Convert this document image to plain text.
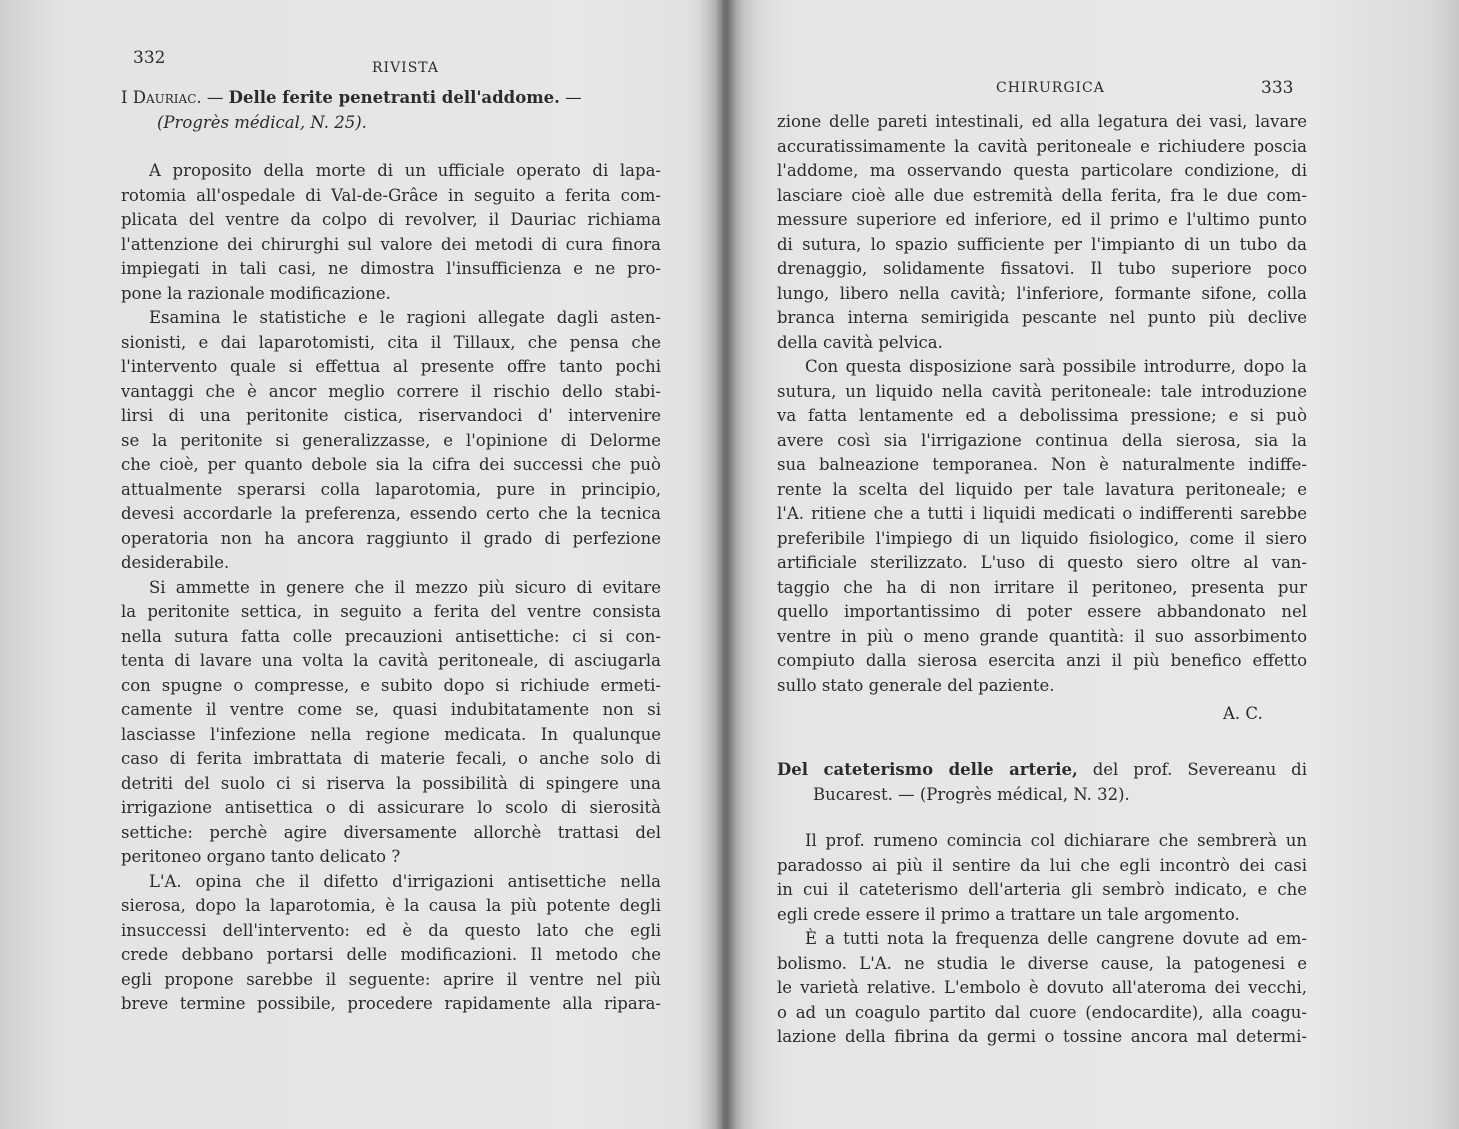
332	RIVISTA
I Dauriac. — Delle ferite penetranti dell'addome. —
(Progrès médical, N. 25).
A proposito della morte di un ufficiale operato di lapa-
rotomia all'ospedale di Val-de-Grâce in seguito a ferita com-
plicata del ventre da colpo di revolver, il Dauriac richiama
l'attenzione dei chirurghi sul valore dei metodi di cura finora
impiegati in tali casi, ne dimostra l'insufficienza e ne pro-
pone la razionale modificazione.
Esamina le statistiche e le ragioni allegate dagli asten-
sionisti, e dai laparotomisti, cita il Tillaux, che pensa che
l'intervento quale si effettua al presente offre tanto pochi
vantaggi che è ancor meglio correre il rischio dello stabi-
lirsi di una peritonite cistica, riservandoci d' intervenire
se la peritonite si generalizzasse, e l'opinione di Delorme
che cioè, per quanto debole sia la cifra dei successi che può
attualmente sperarsi colla laparotomia, pure in principio,
devesi accordarle la preferenza, essendo certo che la tecnica
operatoria non ha ancora raggiunto il grado di perfezione
desiderabile.
Si ammette in genere che il mezzo più sicuro di evitare
la peritonite settica, in seguito a ferita del ventre consista
nella sutura fatta colle precauzioni antisettiche: ci si con-
tenta di lavare una volta la cavità peritoneale, di asciugarla
con spugne o compresse, e subito dopo si richiude ermeti-
camente il ventre come se, quasi indubitatamente non si
lasciasse l'infezione nella regione medicata. In qualunque
caso di ferita imbrattata di materie fecali, o anche solo di
detriti del suolo ci si riserva la possibilità di spingere una
irrigazione antisettica o di assicurare lo scolo di sierosità
settiche: perchè agire diversamente allorchè trattasi del
peritoneo organo tanto delicato ?
L'A. opina che il difetto d'irrigazioni antisettiche nella
sierosa, dopo la laparotomia, è la causa la più potente degli
insuccessi dell'intervento: ed è da questo lato che egli
crede debbano portarsi delle modificazioni. Il metodo che
egli propone sarebbe il seguente: aprire il ventre nel più
breve termine possibile, procedere rapidamente alla ripara-
CHIRURGICA	333
zione delle pareti intestinali, ed alla legatura dei vasi, lavare
accuratissimamente la cavità peritoneale e richiudere poscia
l'addome, ma osservando questa particolare condizione, di
lasciare cioè alle due estremità della ferita, fra le due com-
messure superiore ed inferiore, ed il primo e l'ultimo punto
di sutura, lo spazio sufficiente per l'impianto di un tubo da
drenaggio, solidamente fissatovi. Il tubo superiore poco
lungo, libero nella cavità; l'inferiore, formante sifone, colla
branca interna semirigida pescante nel punto più declive
della cavità pelvica.
Con questa disposizione sarà possibile introdurre, dopo la
sutura, un liquido nella cavità peritoneale: tale introduzione
va fatta lentamente ed a debolissima pressione; e si può
avere così sia l'irrigazione continua della sierosa, sia la
sua balneazione temporanea. Non è naturalmente indiffe-
rente la scelta del liquido per tale lavatura peritoneale; e
l'A. ritiene che a tutti i liquidi medicati o indifferenti sarebbe
preferibile l'impiego di un liquido fisiologico, come il siero
artificiale sterilizzato. L'uso di questo siero oltre al van-
taggio che ha di non irritare il peritoneo, presenta pur
quello importantissimo di poter essere abbandonato nel
ventre in più o meno grande quantità: il suo assorbimento
compiuto dalla sierosa esercita anzi il più benefico effetto
sullo stato generale del paziente.
A. C.
Del cateterismo delle arterie, del prof. Severeanu di
Bucarest. — (Progrès médical, N. 32).
Il prof. rumeno comincia col dichiarare che sembrerà un
paradosso ai più il sentire da lui che egli incontrò dei casi
in cui il cateterismo dell'arteria gli sembrò indicato, e che
egli crede essere il primo a trattare un tale argomento.
È a tutti nota la frequenza delle cangrene dovute ad em-
bolismo. L'A. ne studia le diverse cause, la patogenesi e
le varietà relative. L'embolo è dovuto all'ateroma dei vecchi,
o ad un coagulo partito dal cuore (endocardite), alla coagu-
lazione della fibrina da germi o tossine ancora mal determi-
